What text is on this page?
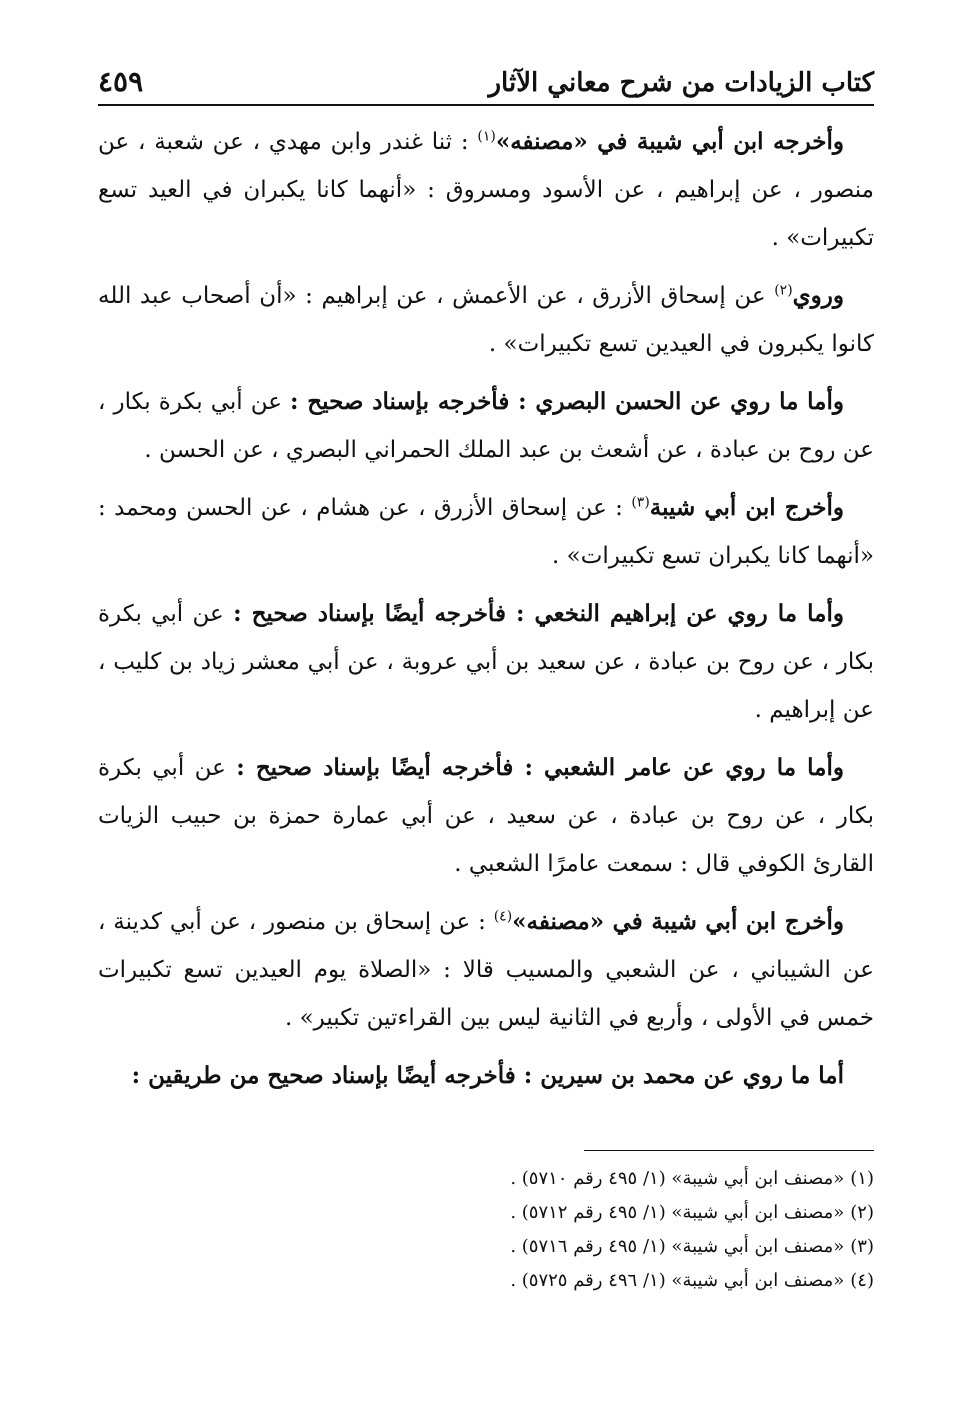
كتاب الزيادات من شرح معاني الآثار
٤٥٩

وأخرجه ابن أبي شيبة في «مصنفه»$^{(١)}$ : ثنا غندر وابن مهدي ، عن شعبة ، عن منصور ، عن إبراهيم ، عن الأسود ومسروق : «أنهما كانا يكبران في العيد تسع تكبيرات» .

وروي$^{(٢)}$ عن إسحاق الأزرق ، عن الأعمش ، عن إبراهيم : «أن أصحاب عبد الله كانوا يكبرون في العيدين تسع تكبيرات» .

وأما ما روي عن الحسن البصري : فأخرجه بإسناد صحيح : عن أبي بكرة بكار ، عن روح بن عبادة ، عن أشعث بن عبد الملك الحمراني البصري ، عن الحسن .

وأخرج ابن أبي شيبة$^{(٣)}$ : عن إسحاق الأزرق ، عن هشام ، عن الحسن ومحمد : «أنهما كانا يكبران تسع تكبيرات» .

وأما ما روي عن إبراهيم النخعي : فأخرجه أيضًا بإسناد صحيح : عن أبي بكرة بكار ، عن روح بن عبادة ، عن سعيد بن أبي عروبة ، عن أبي معشر زياد بن كليب ، عن إبراهيم .

وأما ما روي عن عامر الشعبي : فأخرجه أيضًا بإسناد صحيح : عن أبي بكرة بكار ، عن روح بن عبادة ، عن سعيد ، عن أبي عمارة حمزة بن حبيب الزيات القارئ الكوفي قال : سمعت عامرًا الشعبي .

وأخرج ابن أبي شيبة في «مصنفه»$^{(٤)}$ : عن إسحاق بن منصور ، عن أبي كدينة ، عن الشيباني ، عن الشعبي والمسيب قالا : «الصلاة يوم العيدين تسع تكبيرات خمس في الأولى ، وأربع في الثانية ليس بين القراءتين تكبير» .

أما ما روي عن محمد بن سيرين : فأخرجه أيضًا بإسناد صحيح من طريقين :

(١)
«مصنف ابن أبي شيبة» (١/ ٤٩٥ رقم ٥٧١٠) .
(٢)
«مصنف ابن أبي شيبة» (١/ ٤٩٥ رقم ٥٧١٢) .
(٣)
«مصنف ابن أبي شيبة» (١/ ٤٩٥ رقم ٥٧١٦) .
(٤)
«مصنف ابن أبي شيبة» (١/ ٤٩٦ رقم ٥٧٢٥) .
